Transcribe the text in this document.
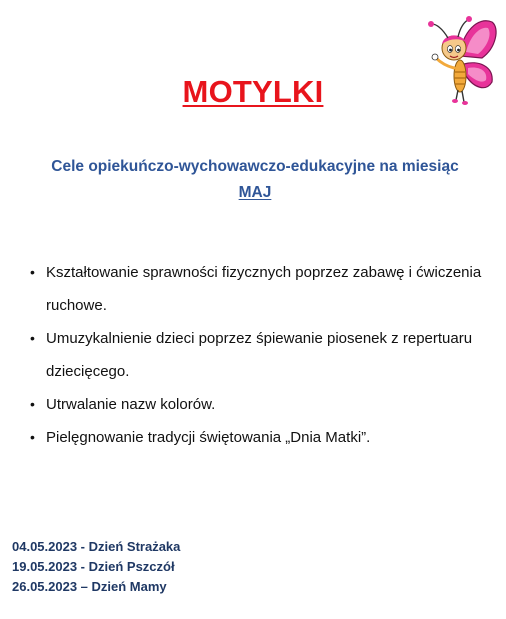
MOTYLKI
Cele opiekuńczo-wychowawczo-edukacyjne na miesiąc
MAJ
• Kształtowanie sprawności fizycznych poprzez zabawę i ćwiczenia ruchowe.
• Umuzykalnienie dzieci poprzez śpiewanie piosenek z repertuaru dziecięcego.
• Utrwalanie nazw kolorów.
• Pielęgnowanie tradycji świętowania „Dnia Matki”.
04.05.2023 - Dzień Strażaka
19.05.2023 - Dzień Pszczół
26.05.2023 – Dzień Mamy
